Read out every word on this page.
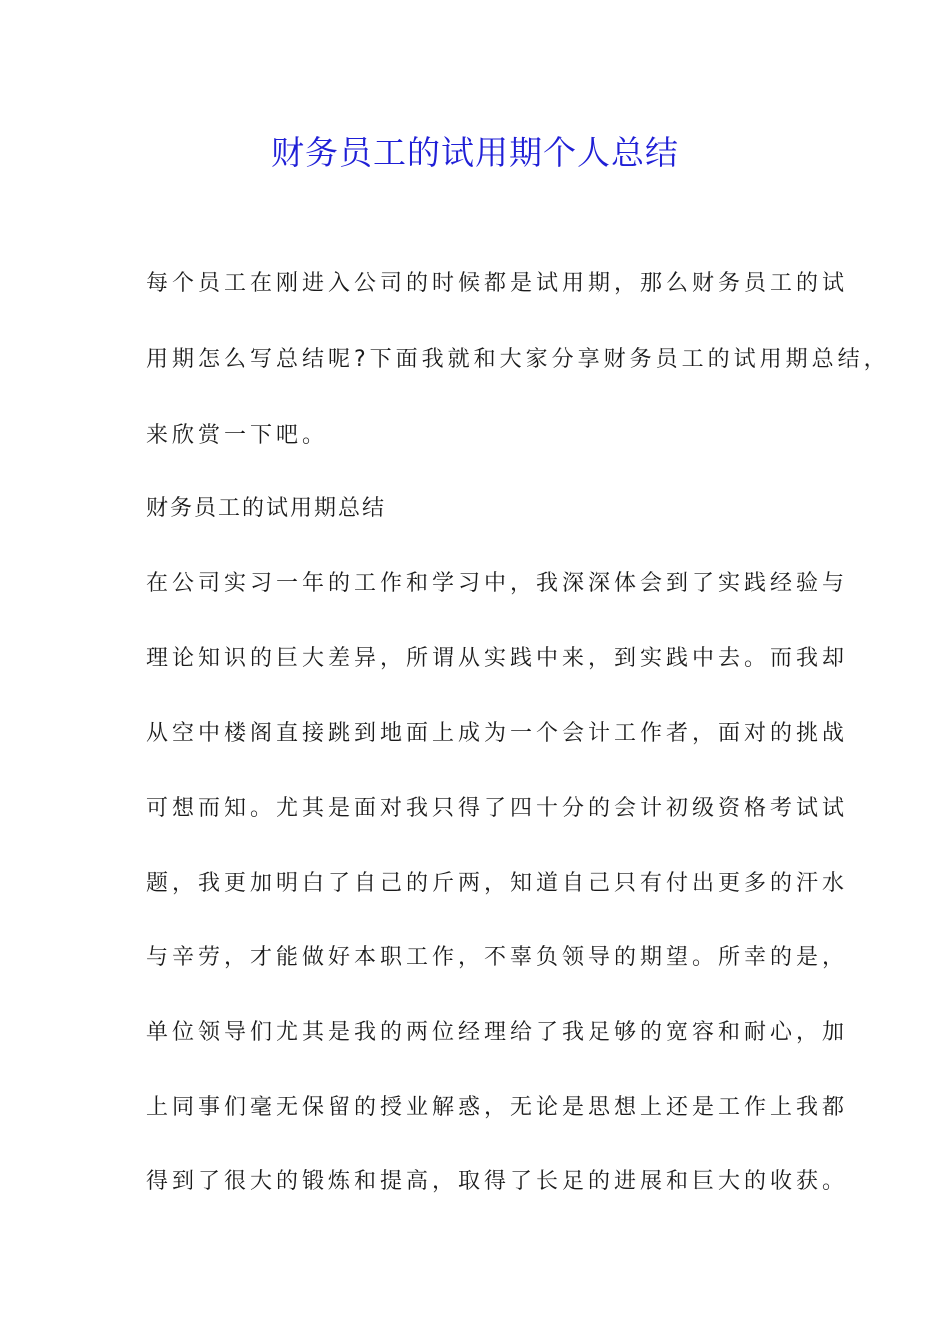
财务员工的试用期个人总结
每个员工在刚进入公司的时候都是试用期，那么财务员工的试
用期怎么写总结呢?下面我就和大家分享财务员工的试用期总结，
来欣赏一下吧。
财务员工的试用期总结
在公司实习一年的工作和学习中，我深深体会到了实践经验与
理论知识的巨大差异，所谓从实践中来，到实践中去。而我却
从空中楼阁直接跳到地面上成为一个会计工作者，面对的挑战
可想而知。尤其是面对我只得了四十分的会计初级资格考试试
题，我更加明白了自己的斤两，知道自己只有付出更多的汗水
与辛劳，才能做好本职工作，不辜负领导的期望。所幸的是，
单位领导们尤其是我的两位经理给了我足够的宽容和耐心，加
上同事们毫无保留的授业解惑，无论是思想上还是工作上我都
得到了很大的锻炼和提高，取得了长足的进展和巨大的收获。
